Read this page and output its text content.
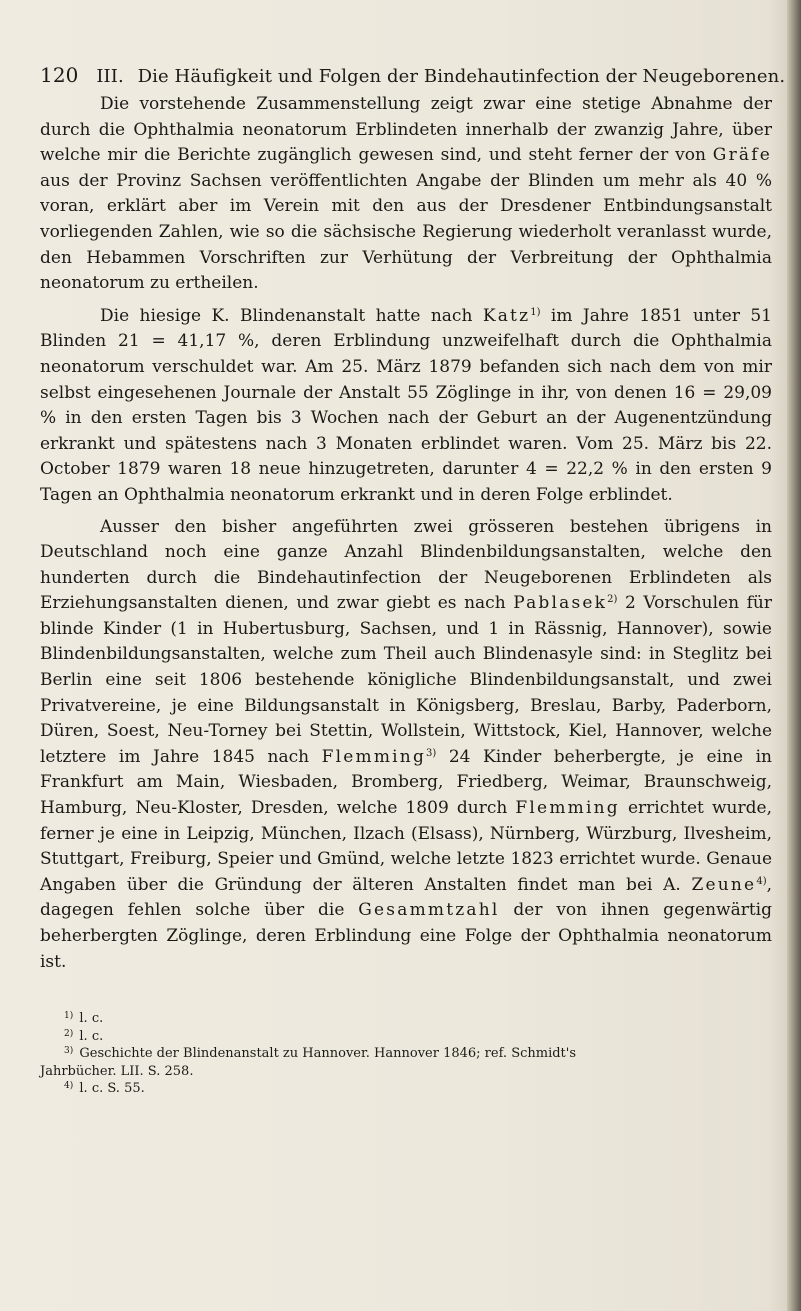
120 III. Die Häufigkeit und Folgen der Bindehautinfection der Neugeborenen.

Die vorstehende Zusammenstellung zeigt zwar eine stetige Abnahme der durch die Ophthalmia neonatorum Erblindeten innerhalb der zwanzig Jahre, über welche mir die Berichte zugänglich gewesen sind, und steht ferner der von Gräfe aus der Provinz Sachsen veröffentlichten Angabe der Blinden um mehr als 40 % voran, erklärt aber im Verein mit den aus der Dresdener Entbindungsanstalt vorliegenden Zahlen, wie so die sächsische Regierung wiederholt veranlasst wurde, den Hebammen Vorschriften zur Verhütung der Verbreitung der Ophthalmia neonatorum zu ertheilen.

Die hiesige K. Blindenanstalt hatte nach Katz$^{1)}$ im Jahre 1851 unter 51 Blinden 21 = 41,17 %, deren Erblindung unzweifelhaft durch die Ophthalmia neonatorum verschuldet war. Am 25. März 1879 befanden sich nach dem von mir selbst eingesehenen Journale der Anstalt 55 Zöglinge in ihr, von denen 16 = 29,09 % in den ersten Tagen bis 3 Wochen nach der Geburt an der Augenentzündung erkrankt und spätestens nach 3 Monaten erblindet waren. Vom 25. März bis 22. October 1879 waren 18 neue hinzugetreten, darunter 4 = 22,2 % in den ersten 9 Tagen an Ophthalmia neonatorum erkrankt und in deren Folge erblindet.

Ausser den bisher angeführten zwei grösseren bestehen übrigens in Deutschland noch eine ganze Anzahl Blindenbildungsanstalten, welche den hunderten durch die Bindehautinfection der Neugeborenen Erblindeten als Erziehungsanstalten dienen, und zwar giebt es nach Pablasek$^{2)}$ 2 Vorschulen für blinde Kinder (1 in Hubertusburg, Sachsen, und 1 in Rässnig, Hannover), sowie Blindenbildungsanstalten, welche zum Theil auch Blindenasyle sind: in Steglitz bei Berlin eine seit 1806 bestehende königliche Blindenbildungsanstalt, und zwei Privatvereine, je eine Bildungsanstalt in Königsberg, Breslau, Barby, Paderborn, Düren, Soest, Neu-Torney bei Stettin, Wollstein, Wittstock, Kiel, Hannover, welche letztere im Jahre 1845 nach Flemming$^{3)}$ 24 Kinder beherbergte, je eine in Frankfurt am Main, Wiesbaden, Bromberg, Friedberg, Weimar, Braunschweig, Hamburg, Neu-Kloster, Dresden, welche 1809 durch Flemming errichtet wurde, ferner je eine in Leipzig, München, Ilzach (Elsass), Nürnberg, Würzburg, Ilvesheim, Stuttgart, Freiburg, Speier und Gmünd, welche letzte 1823 errichtet wurde. Genaue Angaben über die Gründung der älteren Anstalten findet man bei A. Zeune$^{4)}$, dagegen fehlen solche über die Gesammtzahl der von ihnen gegenwärtig beherbergten Zöglinge, deren Erblindung eine Folge der Ophthalmia neonatorum ist.

$^{1)}$ l. c.

$^{2)}$ l. c.

$^{3)}$ Geschichte der Blindenanstalt zu Hannover. Hannover 1846; ref. Schmidt's

Jahrbücher. LII. S. 258.

$^{4)}$ l. c. S. 55.
